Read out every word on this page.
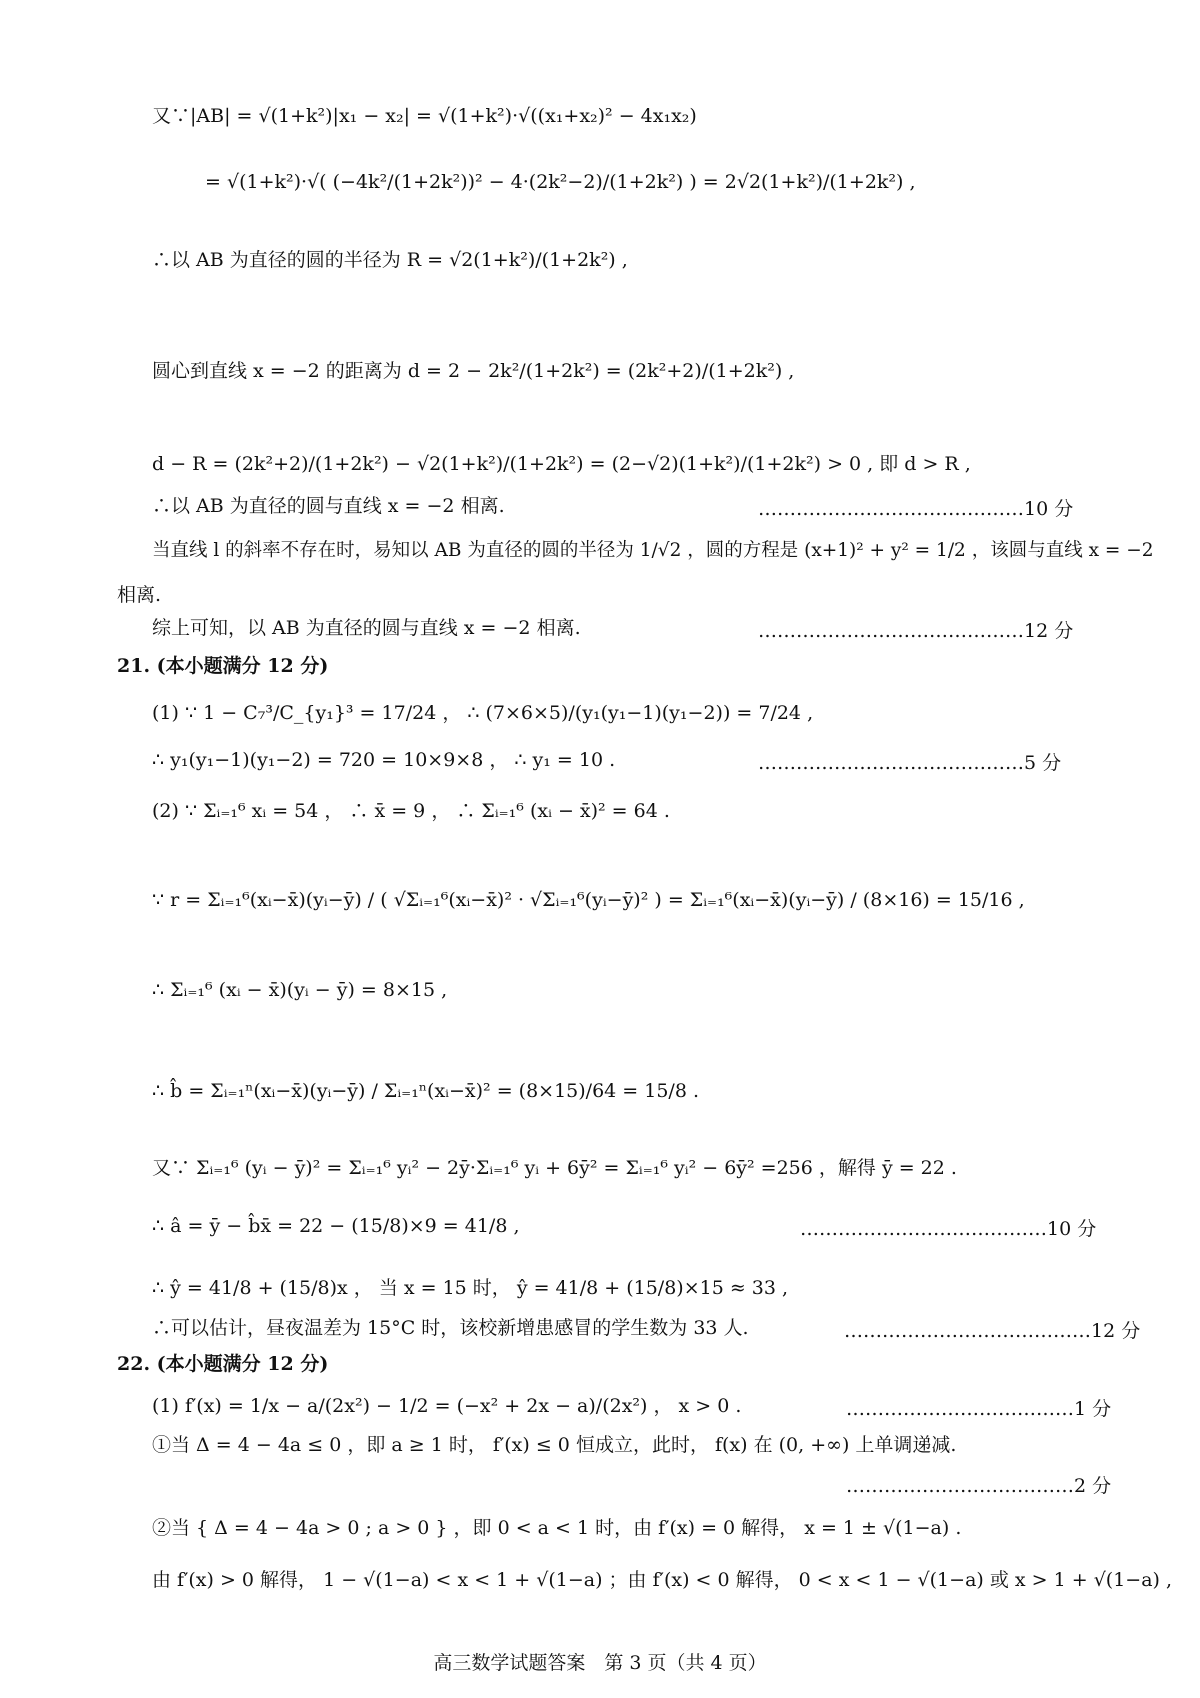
又∵|AB| = √(1+k²)|x₁ − x₂| = √(1+k²)·√((x₁+x₂)² − 4x₁x₂)
= √(1+k²)·√( (−4k²/(1+2k²))² − 4·(2k²−2)/(1+2k²) ) = 2√2(1+k²)/(1+2k²) ,
∴以 AB 为直径的圆的半径为 R = √2(1+k²)/(1+2k²) ,
圆心到直线 x = −2 的距离为 d = 2 − 2k²/(1+2k²) = (2k²+2)/(1+2k²) ,
d − R = (2k²+2)/(1+2k²) − √2(1+k²)/(1+2k²) = (2−√2)(1+k²)/(1+2k²) > 0 , 即 d > R ,
∴以 AB 为直径的圆与直线 x = −2 相离.
当直线 l 的斜率不存在时，易知以 AB 为直径的圆的半径为 1/√2 ，圆的方程是 (x+1)² + y² = 1/2 ，该圆与直线 x = −2
相离.
综上可知，以 AB 为直径的圆与直线 x = −2 相离.
21. (本小题满分 12 分)
(1) ∵ 1 − C₇³/C_{y₁}³ = 17/24 ， ∴ (7×6×5)/(y₁(y₁−1)(y₁−2)) = 7/24 ,
∴ y₁(y₁−1)(y₁−2) = 720 = 10×9×8 ， ∴ y₁ = 10 .
(2) ∵ Σᵢ₌₁⁶ xᵢ = 54 ， ∴ x̄ = 9 ， ∴ Σᵢ₌₁⁶ (xᵢ − x̄)² = 64 .
∵ r = Σᵢ₌₁⁶(xᵢ−x̄)(yᵢ−ȳ) / ( √Σᵢ₌₁⁶(xᵢ−x̄)² · √Σᵢ₌₁⁶(yᵢ−ȳ)² ) = Σᵢ₌₁⁶(xᵢ−x̄)(yᵢ−ȳ) / (8×16) = 15/16 ,
∴ Σᵢ₌₁⁶ (xᵢ − x̄)(yᵢ − ȳ) = 8×15 ,
∴ b̂ = Σᵢ₌₁ⁿ(xᵢ−x̄)(yᵢ−ȳ) / Σᵢ₌₁ⁿ(xᵢ−x̄)² = (8×15)/64 = 15/8 .
又∵ Σᵢ₌₁⁶ (yᵢ − ȳ)² = Σᵢ₌₁⁶ yᵢ² − 2ȳ·Σᵢ₌₁⁶ yᵢ + 6ȳ² = Σᵢ₌₁⁶ yᵢ² − 6ȳ² =256 ，解得 ȳ = 22 .
∴ â = ȳ − b̂x̄ = 22 − (15/8)×9 = 41/8 ,
∴ ŷ = 41/8 + (15/8)x ， 当 x = 15 时， ŷ = 41/8 + (15/8)×15 ≈ 33 ,
∴可以估计，昼夜温差为 15°C 时，该校新增患感冒的学生数为 33 人.
22. (本小题满分 12 分)
(1) f′(x) = 1/x − a/(2x²) − 1/2 = (−x² + 2x − a)/(2x²) ， x > 0 .
①当 Δ = 4 − 4a ≤ 0 ，即 a ≥ 1 时， f′(x) ≤ 0 恒成立，此时， f(x) 在 (0, +∞) 上单调递减.
②当 { Δ = 4 − 4a > 0 ; a > 0 } ，即 0 < a < 1 时，由 f′(x) = 0 解得， x = 1 ± √(1−a) .
由 f′(x) > 0 解得， 1 − √(1−a) < x < 1 + √(1−a) ；由 f′(x) < 0 解得， 0 < x < 1 − √(1−a) 或 x > 1 + √(1−a) ,
……………………………………10 分
……………………………………12 分
……………………………………5 分
…………………………………10 分
…………………………………12 分
………………………………1 分
………………………………2 分
高三数学试题答案　第 3 页（共 4 页）
